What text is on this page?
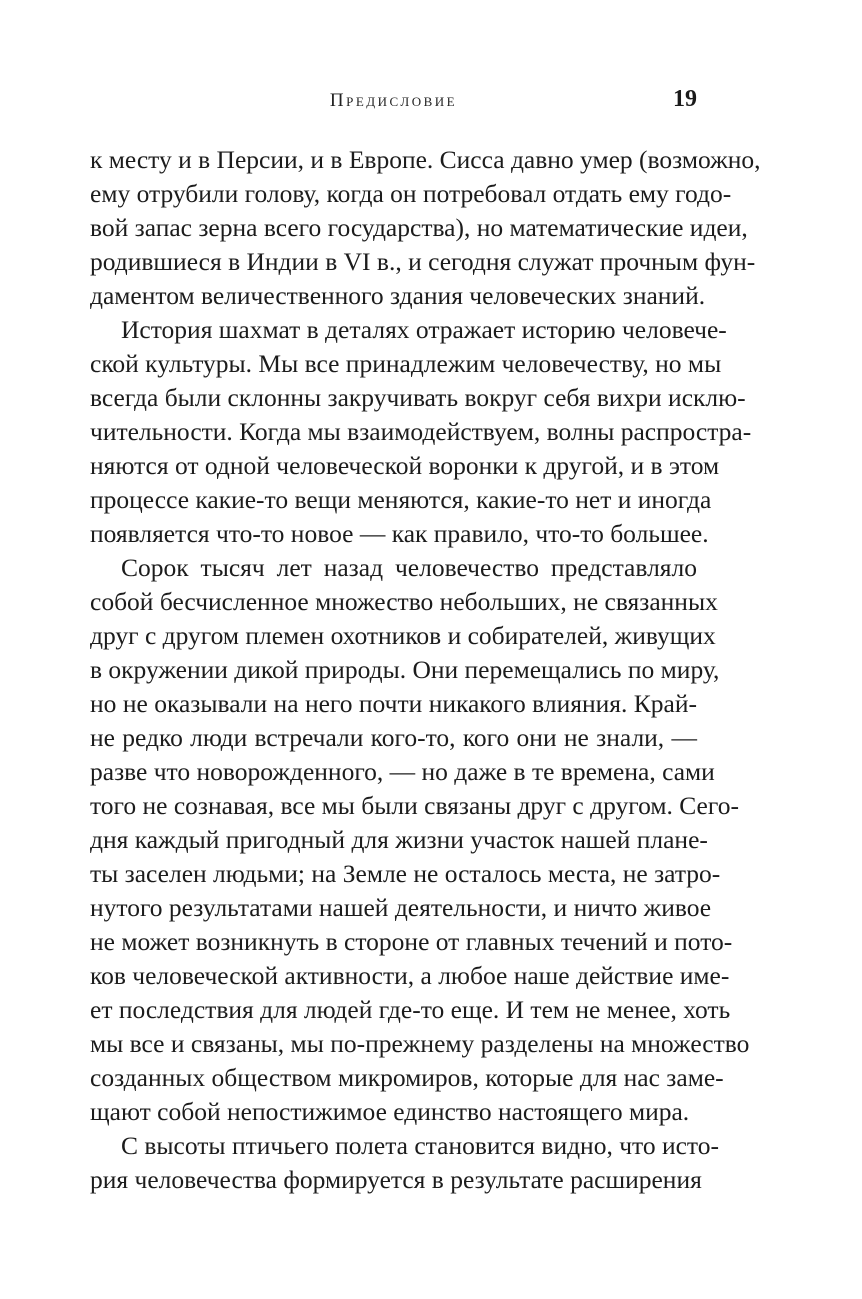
Предисловие	19
к месту и в Персии, и в Европе. Сисса давно умер (возможно,
ему отрубили голову, когда он потребовал отдать ему годо-
вой запас зерна всего государства), но математические идеи,
родившиеся в Индии в VI в., и сегодня служат прочным фун-
даментом величественного здания человеческих знаний.
История шахмат в деталях отражает историю человече-
ской культуры. Мы все принадлежим человечеству, но мы
всегда были склонны закручивать вокруг себя вихри исклю-
чительности. Когда мы взаимодействуем, волны распростра-
няются от одной человеческой воронки к другой, и в этом
процессе какие-то вещи меняются, какие-то нет и иногда
появляется что-то новое — как правило, что-то большее.
Сорок тысяч лет назад человечество представляло
собой бесчисленное множество небольших, не связанных
друг с другом племен охотников и собирателей, живущих
в окружении дикой природы. Они перемещались по миру,
но не оказывали на него почти никакого влияния. Край-
не редко люди встречали кого-то, кого они не знали, —
разве что новорожденного, — но даже в те времена, сами
того не сознавая, все мы были связаны друг с другом. Сего-
дня каждый пригодный для жизни участок нашей плане-
ты заселен людьми; на Земле не осталось места, не затро-
нутого результатами нашей деятельности, и ничто живое
не может возникнуть в стороне от главных течений и пото-
ков человеческой активности, а любое наше действие име-
ет последствия для людей где-то еще. И тем не менее, хоть
мы все и связаны, мы по-прежнему разделены на множество
созданных обществом микромиров, которые для нас заме-
щают собой непостижимое единство настоящего мира.
С высоты птичьего полета становится видно, что исто-
рия человечества формируется в результате расширения
